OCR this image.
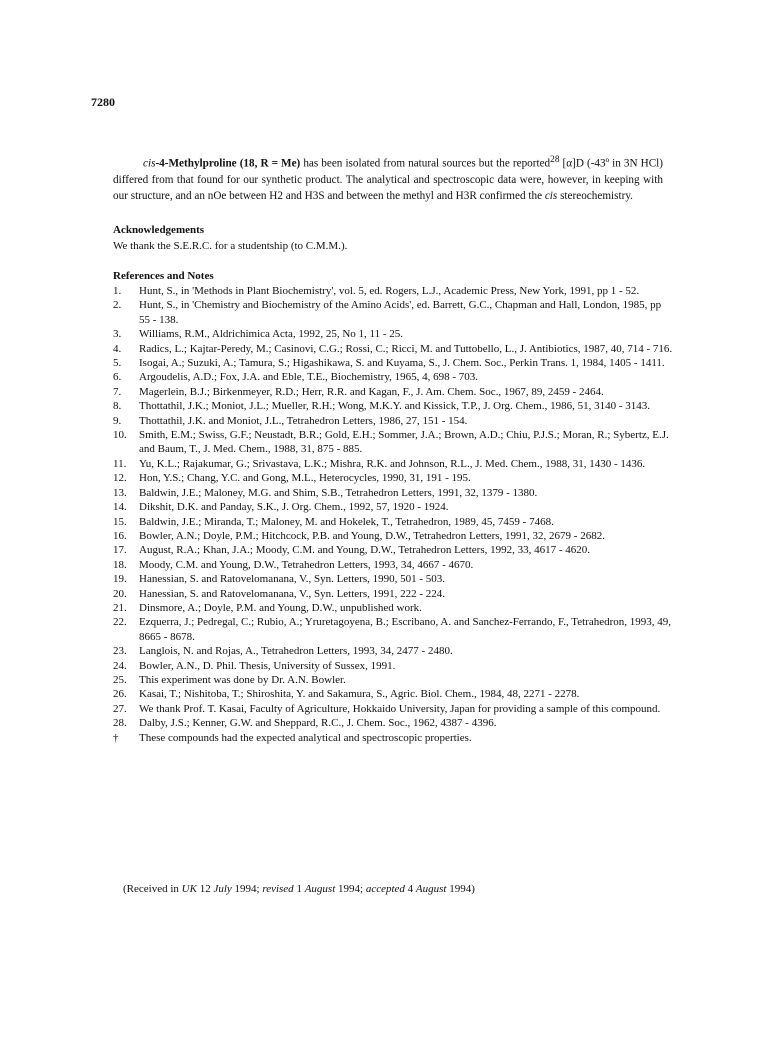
7280
cis-4-Methylproline (18, R = Me) has been isolated from natural sources but the reported$^{28}$ [α]D (-43º in 3N HCl) differed from that found for our synthetic product. The analytical and spectroscopic data were, however, in keeping with our structure, and an nOe between H2 and H3S and between the methyl and H3R confirmed the cis stereochemistry.
Acknowledgements
We thank the S.E.R.C. for a studentship (to C.M.M.).
References and Notes
1.	Hunt, S., in 'Methods in Plant Biochemistry', vol. 5, ed. Rogers, L.J., Academic Press, New York, 1991, pp 1 - 52.
2.	Hunt, S., in 'Chemistry and Biochemistry of the Amino Acids', ed. Barrett, G.C., Chapman and Hall, London, 1985, pp 55 - 138.
3.	Williams, R.M., Aldrichimica Acta, 1992, 25, No 1, 11 - 25.
4.	Radics, L.; Kajtar-Peredy, M.; Casinovi, C.G.; Rossi, C.; Ricci, M. and Tuttobello, L., J. Antibiotics, 1987, 40, 714 - 716.
5.	Isogai, A.; Suzuki, A.; Tamura, S.; Higashikawa, S. and Kuyama, S., J. Chem. Soc., Perkin Trans. 1, 1984, 1405 - 1411.
6.	Argoudelis, A.D.; Fox, J.A. and Eble, T.E., Biochemistry, 1965, 4, 698 - 703.
7.	Magerlein, B.J.; Birkenmeyer, R.D.; Herr, R.R. and Kagan, F., J. Am. Chem. Soc., 1967, 89, 2459 - 2464.
8.	Thottathil, J.K.; Moniot, J.L.; Mueller, R.H.; Wong, M.K.Y. and Kissick, T.P., J. Org. Chem., 1986, 51, 3140 - 3143.
9.	Thottathil, J.K. and Moniot, J.L., Tetrahedron Letters, 1986, 27, 151 - 154.
10.	Smith, E.M.; Swiss, G.F.; Neustadt, B.R.; Gold, E.H.; Sommer, J.A.; Brown, A.D.; Chiu, P.J.S.; Moran, R.; Sybertz, E.J. and Baum, T., J. Med. Chem., 1988, 31, 875 - 885.
11.	Yu, K.L.; Rajakumar, G.; Srivastava, L.K.; Mishra, R.K. and Johnson, R.L., J. Med. Chem., 1988, 31, 1430 - 1436.
12.	Hon, Y.S.; Chang, Y.C. and Gong, M.L., Heterocycles, 1990, 31, 191 - 195.
13.	Baldwin, J.E.; Maloney, M.G. and Shim, S.B., Tetrahedron Letters, 1991, 32, 1379 - 1380.
14.	Dikshit, D.K. and Panday, S.K., J. Org. Chem., 1992, 57, 1920 - 1924.
15.	Baldwin, J.E.; Miranda, T.; Maloney, M. and Hokelek, T., Tetrahedron, 1989, 45, 7459 - 7468.
16.	Bowler, A.N.; Doyle, P.M.; Hitchcock, P.B. and Young, D.W., Tetrahedron Letters, 1991, 32, 2679 - 2682.
17.	August, R.A.; Khan, J.A.; Moody, C.M. and Young, D.W., Tetrahedron Letters, 1992, 33, 4617 - 4620.
18.	Moody, C.M. and Young, D.W., Tetrahedron Letters, 1993, 34, 4667 - 4670.
19.	Hanessian, S. and Ratovelomanana, V., Syn. Letters, 1990, 501 - 503.
20.	Hanessian, S. and Ratovelomanana, V., Syn. Letters, 1991, 222 - 224.
21.	Dinsmore, A.; Doyle, P.M. and Young, D.W., unpublished work.
22.	Ezquerra, J.; Pedregal, C.; Rubio, A.; Yruretagoyena, B.; Escribano, A. and Sanchez-Ferrando, F., Tetrahedron, 1993, 49, 8665 - 8678.
23.	Langlois, N. and Rojas, A., Tetrahedron Letters, 1993, 34, 2477 - 2480.
24.	Bowler, A.N., D. Phil. Thesis, University of Sussex, 1991.
25.	This experiment was done by Dr. A.N. Bowler.
26.	Kasai, T.; Nishitoba, T.; Shiroshita, Y. and Sakamura, S., Agric. Biol. Chem., 1984, 48, 2271 - 2278.
27.	We thank Prof. T. Kasai, Faculty of Agriculture, Hokkaido University, Japan for providing a sample of this compound.
28.	Dalby, J.S.; Kenner, G.W. and Sheppard, R.C., J. Chem. Soc., 1962, 4387 - 4396.
†	These compounds had the expected analytical and spectroscopic properties.
(Received in UK 12 July 1994; revised 1 August 1994; accepted 4 August 1994)
